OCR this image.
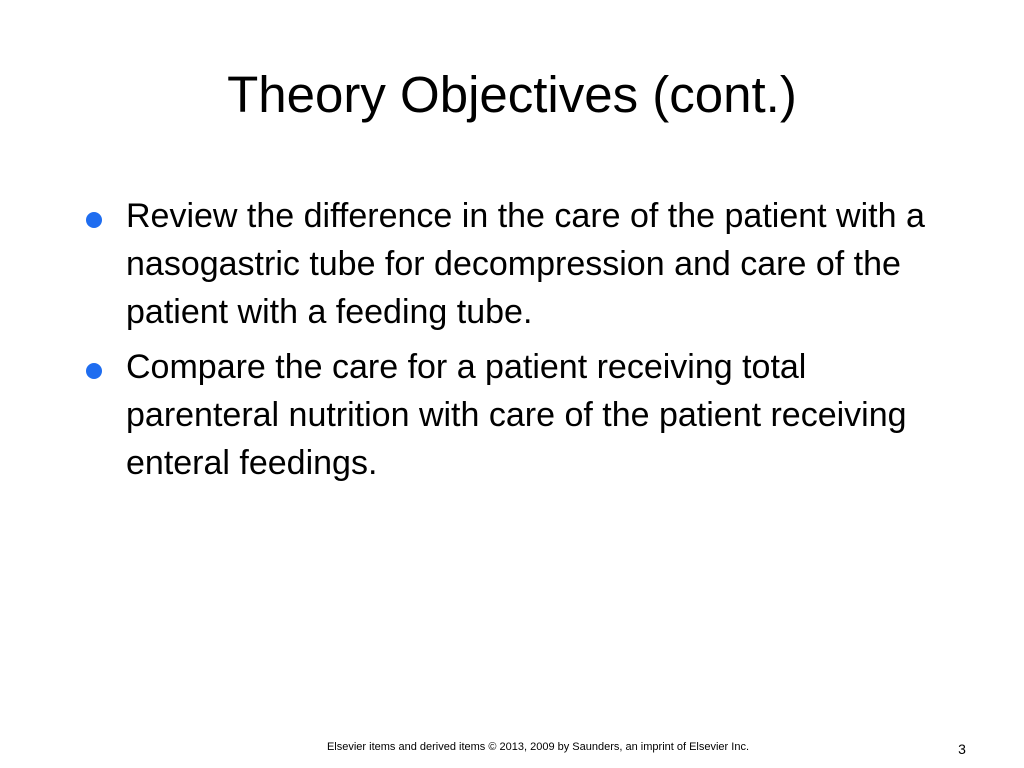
Theory Objectives (cont.)
Review the difference in the care of the patient with a nasogastric tube for decompression and care of the patient with a feeding tube.
Compare the care for a patient receiving total parenteral nutrition with care of the patient receiving enteral feedings.
Elsevier items and derived items © 2013, 2009 by Saunders, an imprint of Elsevier Inc.	3
